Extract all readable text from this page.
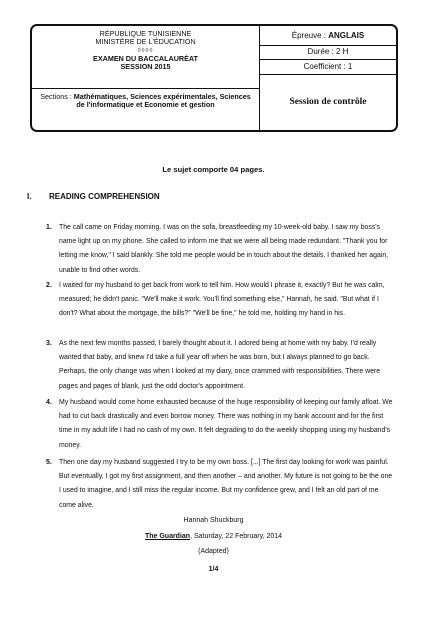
RÉPUBLIQUE TUNISIENNE
MINISTÈRE DE L'ÉDUCATION
◊◊◊◊
EXAMEN DU BACCALAURÉAT
SESSION 2015
Sections : Mathématiques, Sciences expérimentales, Sciences de l'informatique et Economie et gestion
Épreuve : ANGLAIS
Durée : 2 H
Coefficient : 1
Session de contrôle
Le sujet comporte 04 pages.
I. READING COMPREHENSION
1. The call came on Friday morning. I was on the sofa, breastfeeding my 10-week-old baby. I saw my boss's name light up on my phone. She called to inform me that we were all being made redundant. "Thank you for letting me know," I said blankly. She told me people would be in touch about the details. I thanked her again, unable to find other words.
2. I waited for my husband to get back from work to tell him. How would I phrase it, exactly? But he was calm, measured; he didn't panic. "We'll make it work. You'll find something else," Hannah, he said. "But what if I don't? What about the mortgage, the bills?" "We'll be fine," he told me, holding my hand in his.
3. As the next few months passed, I barely thought about it. I adored being at home with my baby. I'd really wanted that baby, and knew I'd take a full year off when he was born, but I always planned to go back. Perhaps, the only change was when I looked at my diary, once crammed with responsibilities. There were pages and pages of blank, just the odd doctor's appointment.
4. My husband would come home exhausted because of the huge responsibility of keeping our family afloat. We had to cut back drastically and even borrow money. There was nothing in my bank account and for the first time in my adult life I had no cash of my own. It felt degrading to do the weekly shopping using my husband's money.
5. Then one day my husband suggested I try to be my own boss. [...] The first day looking for work was painful. But eventually, I got my first assignment, and then another – and another. My future is not going to be the one I used to imagine, and I still miss the regular income. But my confidence grew, and I felt an old part of me come alive.
Hannah Shuckburg
The Guardian, Saturday, 22 February, 2014
(Adapted)
1/4
